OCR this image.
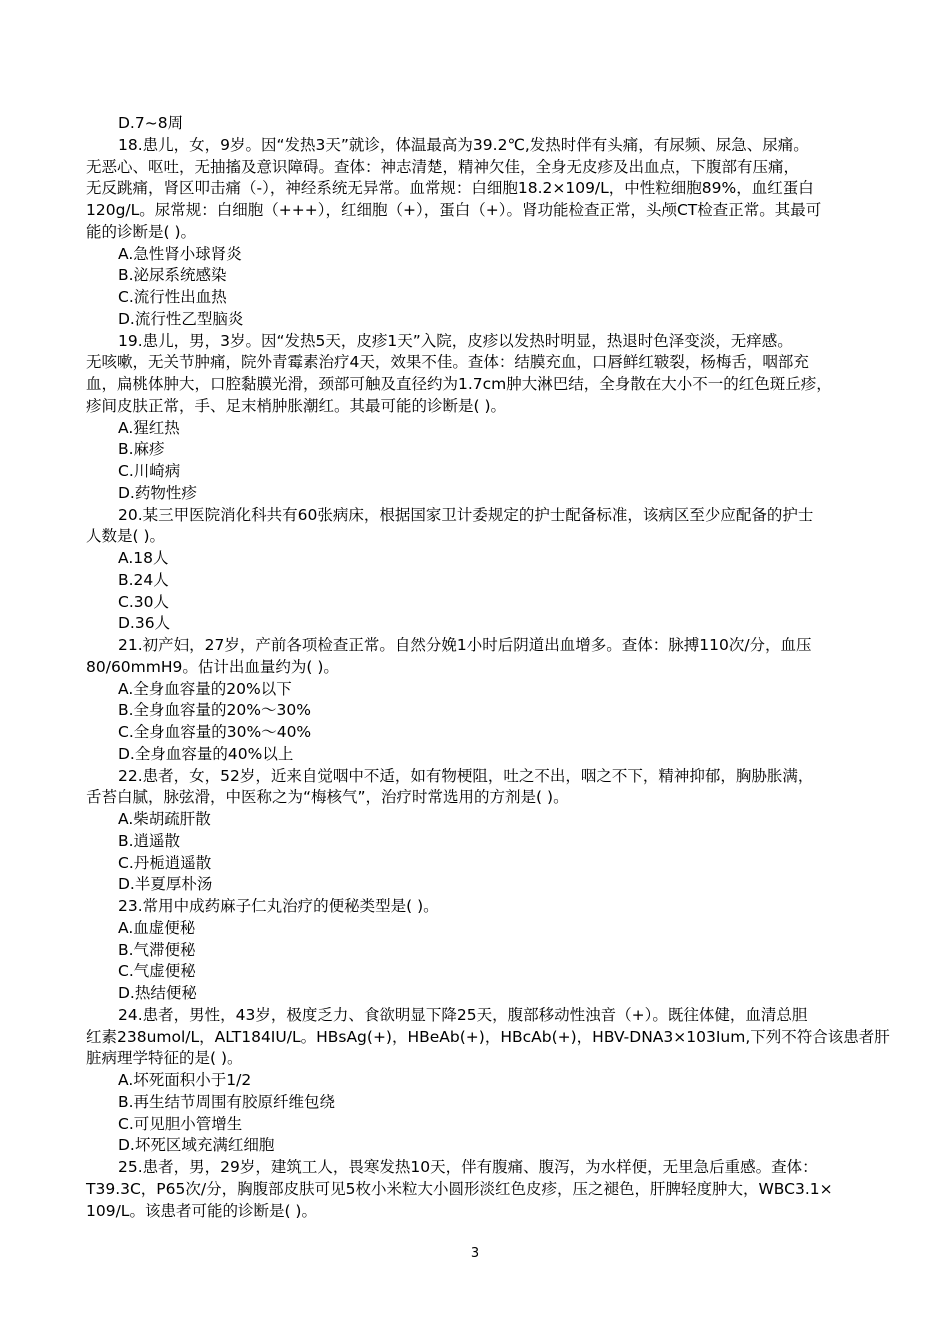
D.7~8周
18.患儿，女，9岁。因“发热3天”就诊，体温最高为39.2℃,发热时伴有头痛，有尿频、尿急、尿痛。
无恶心、呕吐，无抽搐及意识障碍。查体：神志清楚，精神欠佳，全身无皮疹及出血点，下腹部有压痛，
无反跳痛，肾区叩击痛（-），神经系统无异常。血常规：白细胞18.2×109/L，中性粒细胞89%，血红蛋白
120g/L。尿常规：白细胞（+++），红细胞（+），蛋白（+）。肾功能检查正常，头颅CT检查正常。其最可
能的诊断是( )。
A.急性肾小球肾炎
B.泌尿系统感染
C.流行性出血热
D.流行性乙型脑炎
19.患儿，男，3岁。因“发热5天，皮疹1天”入院，皮疹以发热时明显，热退时色泽变淡，无痒感。
无咳嗽，无关节肿痛，院外青霉素治疗4天，效果不佳。查体：结膜充血，口唇鲜红皲裂，杨梅舌，咽部充
血，扁桃体肿大，口腔黏膜光滑，颈部可触及直径约为1.7cm肿大淋巴结，全身散在大小不一的红色斑丘疹，
疹间皮肤正常，手、足末梢肿胀潮红。其最可能的诊断是( )。
A.猩红热
B.麻疹
C.川崎病
D.药物性疹
20.某三甲医院消化科共有60张病床，根据国家卫计委规定的护士配备标准，该病区至少应配备的护士
人数是( )。
A.18人
B.24人
C.30人
D.36人
21.初产妇，27岁，产前各项检查正常。自然分娩1小时后阴道出血增多。查体：脉搏110次/分，血压
80/60mmH9。估计出血量约为( )。
A.全身血容量的20%以下
B.全身血容量的20%～30%
C.全身血容量的30%～40%
D.全身血容量的40%以上
22.患者，女，52岁，近来自觉咽中不适，如有物梗阻，吐之不出，咽之不下，精神抑郁，胸胁胀满，
舌苔白腻，脉弦滑，中医称之为“梅核气”，治疗时常选用的方剂是( )。
A.柴胡疏肝散
B.逍遥散
C.丹栀逍遥散
D.半夏厚朴汤
23.常用中成药麻子仁丸治疗的便秘类型是( )。
A.血虚便秘
B.气滞便秘
C.气虚便秘
D.热结便秘
24.患者，男性，43岁，极度乏力、食欲明显下降25天，腹部移动性浊音（+）。既往体健，血清总胆
红素238umol/L，ALT184IU/L。HBsAg(+)，HBeAb(+)，HBcAb(+)，HBV-DNA3×103Ium,下列不符合该患者肝
脏病理学特征的是( )。
A.坏死面积小于1/2
B.再生结节周围有胶原纤维包绕
C.可见胆小管增生
D.坏死区域充满红细胞
25.患者，男，29岁，建筑工人，畏寒发热10天，伴有腹痛、腹泻，为水样便，无里急后重感。查体：
T39.3C，P65次/分，胸腹部皮肤可见5枚小米粒大小圆形淡红色皮疹，压之褪色，肝脾轻度肿大，WBC3.1×
109/L。该患者可能的诊断是( )。
3
